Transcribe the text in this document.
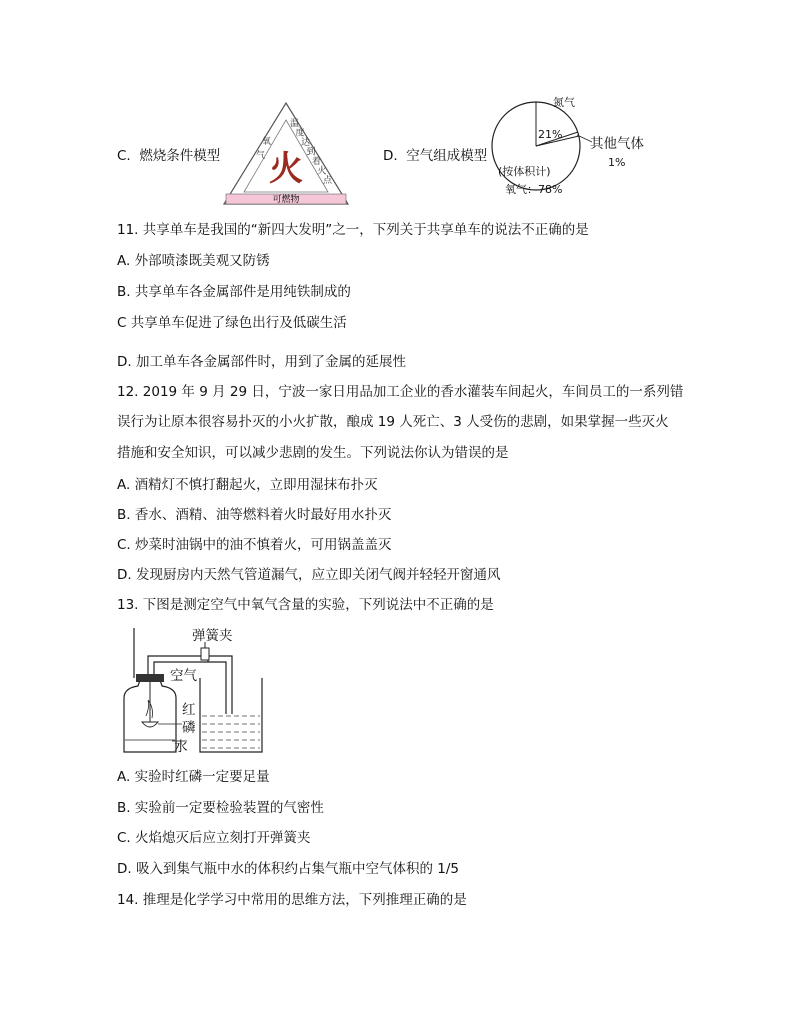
C. 燃烧条件模型
可燃物
火
氧气
温度达到着火点
D. 空气组成模型
氮气
21%
其他气体
1%
(按体积计)
氧气：78%
11. 共享单车是我国的“新四大发明”之一，下列关于共享单车的说法不正确的是
A. 外部喷漆既美观又防锈
B. 共享单车各金属部件是用纯铁制成的
C 共享单车促进了绿色出行及低碳生活
D. 加工单车各金属部件时，用到了金属的延展性
12. 2019 年 9 月 29 日，宁波一家日用品加工企业的香水灌装车间起火，车间员工的一系列错
误行为让原本很容易扑灭的小火扩散，酿成 19 人死亡、3 人受伤的悲剧，如果掌握一些灭火
措施和安全知识，可以减少悲剧的发生。下列说法你认为错误的是
A. 酒精灯不慎打翻起火，立即用湿抹布扑灭
B. 香水、酒精、油等燃料着火时最好用水扑灭
C. 炒菜时油锅中的油不慎着火，可用锅盖盖灭
D. 发现厨房内天然气管道漏气，应立即关闭气阀并轻轻开窗通风
13. 下图是测定空气中氧气含量的实验，下列说法中不正确的是
弹簧夹
空气
红
磷
水
A. 实验时红磷一定要足量
B. 实验前一定要检验装置的气密性
C. 火焰熄灭后应立刻打开弹簧夹
D. 吸入到集气瓶中水的体积约占集气瓶中空气体积的 1/5
14. 推理是化学学习中常用的思维方法，下列推理正确的是
